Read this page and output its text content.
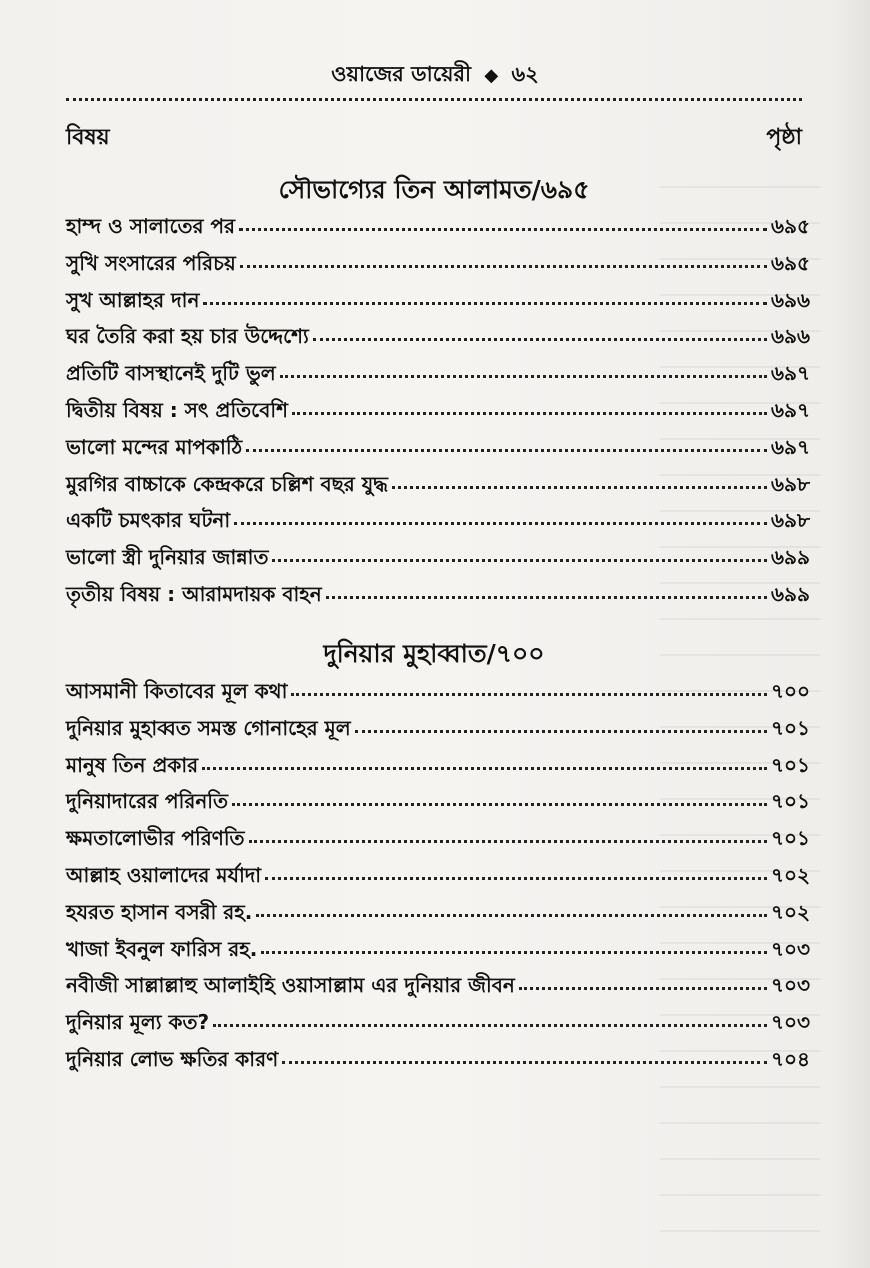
ওয়াজের ডায়েরী ◆ ৬২
বিষয়	পৃষ্ঠা
সৌভাগ্যের তিন আলামত/৬৯৫
হাম্দ ও সালাতের পর	৬৯৫
সুখি সংসারের পরিচয়	৬৯৫
সুখ আল্লাহর দান	৬৯৬
ঘর তৈরি করা হয় চার উদ্দেশ্যে	৬৯৬
প্রতিটি বাসস্থানেই দুটি ভুল	৬৯৭
দ্বিতীয় বিষয় : সৎ প্রতিবেশি	৬৯৭
ভালো মন্দের মাপকাঠি	৬৯৭
মুরগির বাচ্চাকে কেন্দ্রকরে চল্লিশ বছর যুদ্ধ	৬৯৮
একটি চমৎকার ঘটনা	৬৯৮
ভালো স্ত্রী দুনিয়ার জান্নাত	৬৯৯
তৃতীয় বিষয় : আরামদায়ক বাহন	৬৯৯
দুনিয়ার মুহাব্বাত/৭০০
আসমানী কিতাবের মূল কথা	৭০০
দুনিয়ার মুহাব্বত সমস্ত গোনাহের মূল	৭০১
মানুষ তিন প্রকার	৭০১
দুনিয়াদারের পরিনতি	৭০১
ক্ষমতালোভীর পরিণতি	৭০১
আল্লাহ ওয়ালাদের মর্যাদা	৭০২
হযরত হাসান বসরী রহ.	৭০২
খাজা ইবনুল ফারিস রহ.	৭০৩
নবীজী সাল্লাল্লাহু আলাইহি ওয়াসাল্লাম এর দুনিয়ার জীবন	৭০৩
দুনিয়ার মূল্য কত?	৭০৩
দুনিয়ার লোভ ক্ষতির কারণ	৭০৪
